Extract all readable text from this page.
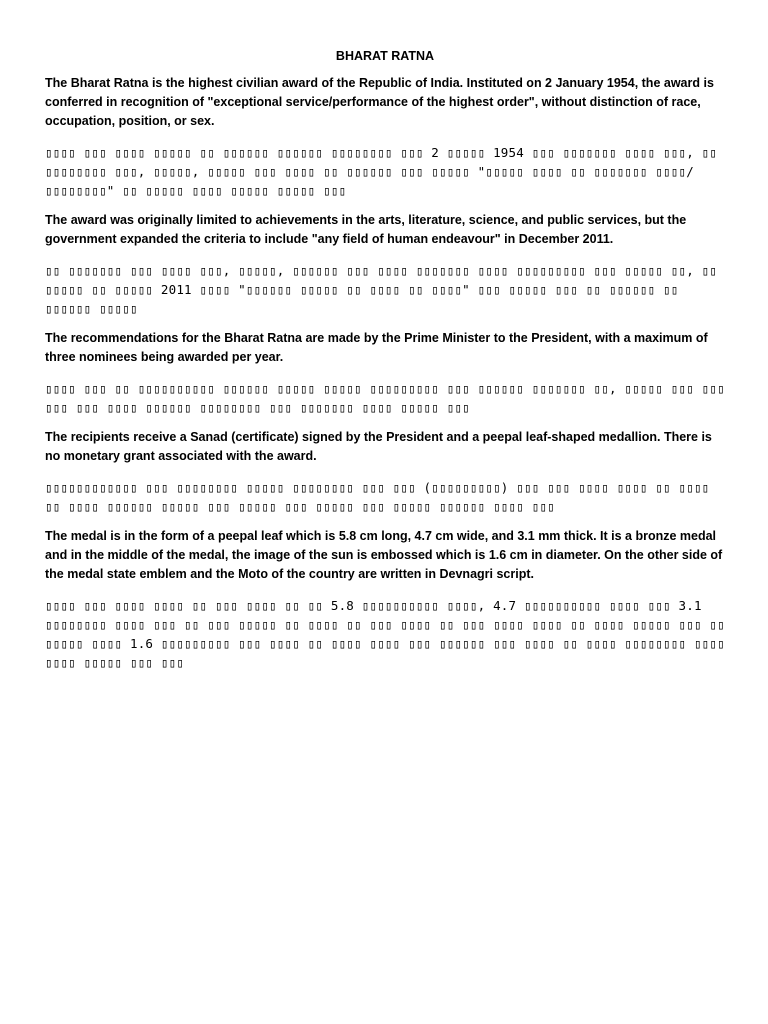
BHARAT RATNA

The Bharat Ratna is the highest civilian award of the Republic of India. Instituted on 2 January 1954, the award is conferred in recognition of "exceptional service/performance of the highest order", without distinction of race, occupation, position, or sex.

▯▯▯▯ ▯▯▯ ▯▯▯▯ ▯▯▯▯▯ ▯▯ ▯▯▯▯▯▯ ▯▯▯▯▯▯ ▯▯▯▯▯▯▯▯ ▯▯▯ 2 ▯▯▯▯▯ 1954 ▯▯▯ ▯▯▯▯▯▯▯ ▯▯▯▯ ▯▯▯, ▯▯ ▯▯▯▯▯▯▯▯ ▯▯▯, ▯▯▯▯▯, ▯▯▯▯▯ ▯▯▯ ▯▯▯▯ ▯▯ ▯▯▯▯▯▯ ▯▯▯ ▯▯▯▯▯ "▯▯▯▯▯ ▯▯▯▯ ▯▯ ▯▯▯▯▯▯▯ ▯▯▯▯/▯▯▯▯▯▯▯▯" ▯▯ ▯▯▯▯▯ ▯▯▯▯ ▯▯▯▯▯ ▯▯▯▯▯ ▯▯▯

The award was originally limited to achievements in the arts, literature, science, and public services, but the government expanded the criteria to include "any field of human endeavour" in December 2011.

▯▯ ▯▯▯▯▯▯▯ ▯▯▯ ▯▯▯▯ ▯▯▯, ▯▯▯▯▯, ▯▯▯▯▯▯ ▯▯▯ ▯▯▯▯ ▯▯▯▯▯▯▯ ▯▯▯▯ ▯▯▯▯▯▯▯▯▯ ▯▯▯ ▯▯▯▯▯ ▯▯, ▯▯ ▯▯▯▯▯ ▯▯ ▯▯▯▯▯ 2011 ▯▯▯▯ "▯▯▯▯▯▯ ▯▯▯▯▯ ▯▯ ▯▯▯▯ ▯▯ ▯▯▯▯" ▯▯▯ ▯▯▯▯▯ ▯▯▯ ▯▯ ▯▯▯▯▯▯ ▯▯ ▯▯▯▯▯▯ ▯▯▯▯▯

The recommendations for the Bharat Ratna are made by the Prime Minister to the President, with a maximum of three nominees being awarded per year.

▯▯▯▯ ▯▯▯ ▯▯ ▯▯▯▯▯▯▯▯▯▯ ▯▯▯▯▯▯ ▯▯▯▯▯ ▯▯▯▯▯ ▯▯▯▯▯▯▯▯▯ ▯▯▯ ▯▯▯▯▯▯ ▯▯▯▯▯▯▯ ▯▯, ▯▯▯▯▯ ▯▯▯ ▯▯▯ ▯▯▯ ▯▯▯ ▯▯▯▯ ▯▯▯▯▯▯ ▯▯▯▯▯▯▯▯ ▯▯▯ ▯▯▯▯▯▯▯ ▯▯▯▯ ▯▯▯▯▯ ▯▯▯

The recipients receive a Sanad (certificate) signed by the President and a peepal leaf-shaped medallion. There is no monetary grant associated with the award.

▯▯▯▯▯▯▯▯▯▯▯▯ ▯▯▯ ▯▯▯▯▯▯▯▯ ▯▯▯▯▯ ▯▯▯▯▯▯▯▯ ▯▯▯ ▯▯▯ (▯▯▯▯▯▯▯▯▯) ▯▯▯ ▯▯▯ ▯▯▯▯ ▯▯▯▯ ▯▯ ▯▯▯▯ ▯▯ ▯▯▯▯ ▯▯▯▯▯▯ ▯▯▯▯▯ ▯▯▯ ▯▯▯▯▯ ▯▯▯ ▯▯▯▯▯ ▯▯▯ ▯▯▯▯▯ ▯▯▯▯▯▯ ▯▯▯▯ ▯▯▯

The medal is in the form of a peepal leaf which is 5.8 cm long, 4.7 cm wide, and 3.1 mm thick. It is a bronze medal and in the middle of the medal, the image of the sun is embossed which is 1.6 cm in diameter. On the other side of the medal state emblem and the Moto of the country are written in Devnagri script.

▯▯▯▯ ▯▯▯ ▯▯▯▯ ▯▯▯▯ ▯▯ ▯▯▯ ▯▯▯▯ ▯▯ ▯▯ 5.8 ▯▯▯▯▯▯▯▯▯▯ ▯▯▯▯, 4.7 ▯▯▯▯▯▯▯▯▯▯ ▯▯▯▯ ▯▯▯ 3.1 ▯▯▯▯▯▯▯▯ ▯▯▯▯ ▯▯▯ ▯▯ ▯▯▯ ▯▯▯▯▯ ▯▯ ▯▯▯▯ ▯▯ ▯▯▯ ▯▯▯▯ ▯▯ ▯▯▯ ▯▯▯▯ ▯▯▯▯ ▯▯ ▯▯▯▯ ▯▯▯▯▯ ▯▯▯ ▯▯ ▯▯▯▯▯ ▯▯▯▯ 1.6 ▯▯▯▯▯▯▯▯▯ ▯▯▯ ▯▯▯▯ ▯▯ ▯▯▯▯ ▯▯▯▯ ▯▯▯ ▯▯▯▯▯▯ ▯▯▯ ▯▯▯▯ ▯▯ ▯▯▯▯ ▯▯▯▯▯▯▯▯ ▯▯▯▯ ▯▯▯▯ ▯▯▯▯▯ ▯▯▯ ▯▯▯
